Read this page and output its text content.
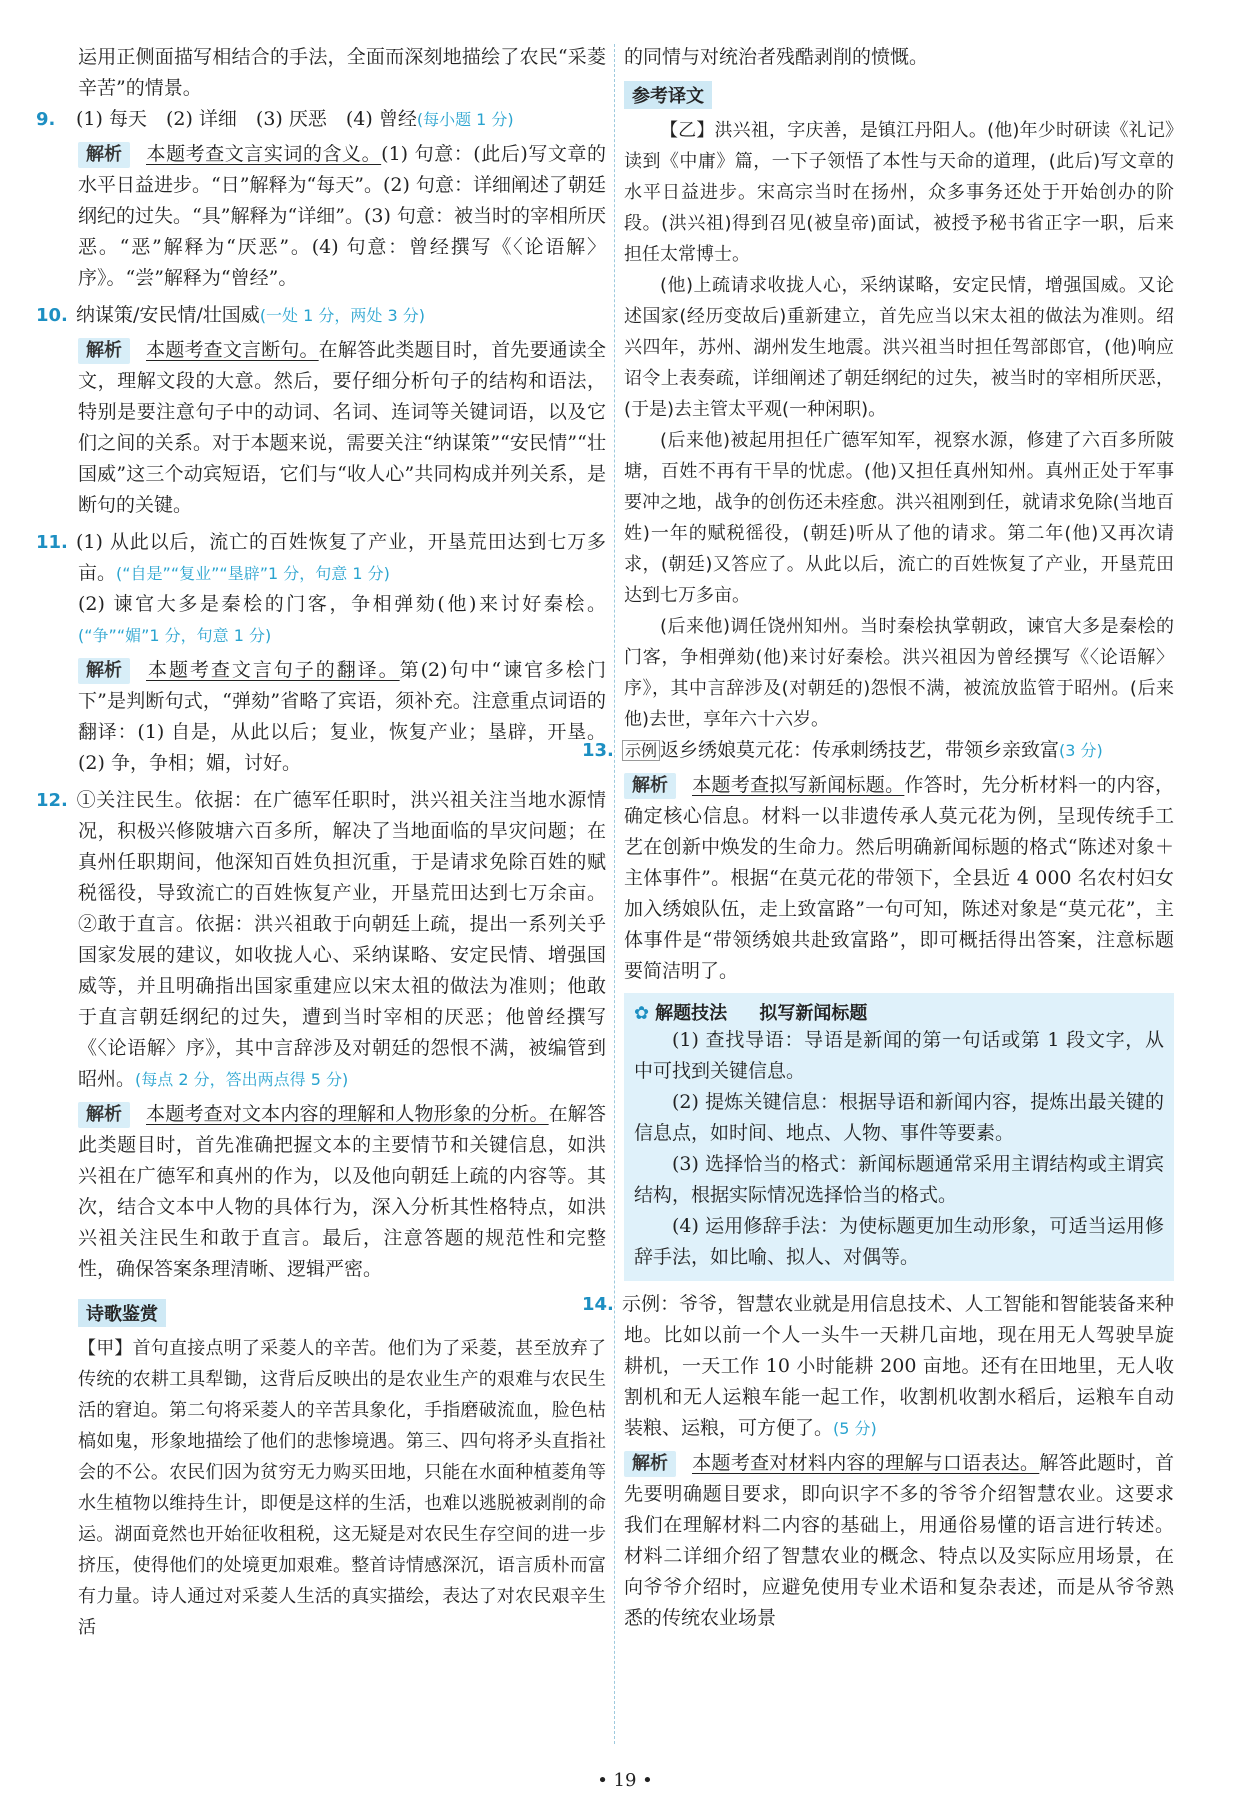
运用正侧面描写相结合的手法，全面而深刻地描绘了农民“采菱辛苦”的情景。

9. (1) 每天　(2) 详细　(3) 厌恶　(4) 曾经(每小题 1 分)
解析 本题考查文言实词的含义。(1) 句意：(此后)写文章的水平日益进步。“日”解释为“每天”。(2) 句意：详细阐述了朝廷纲纪的过失。“具”解释为“详细”。(3) 句意：被当时的宰相所厌恶。“恶”解释为“厌恶”。(4) 句意：曾经撰写《〈论语解〉序》。“尝”解释为“曾经”。
10. 纳谋策/安民情/壮国威(一处 1 分，两处 3 分)
解析 本题考查文言断句。在解答此类题目时，首先要通读全文，理解文段的大意。然后，要仔细分析句子的结构和语法，特别是要注意句子中的动词、名词、连词等关键词语，以及它们之间的关系。对于本题来说，需要关注“纳谋策”“安民情”“壮国威”这三个动宾短语，它们与“收人心”共同构成并列关系，是断句的关键。
11. (1) 从此以后，流亡的百姓恢复了产业，开垦荒田达到七万多亩。(“自是”“复业”“垦辟”1 分，句意 1 分)
(2) 谏官大多是秦桧的门客，争相弹劾(他)来讨好秦桧。(“争”“媚”1 分，句意 1 分)
解析 本题考查文言句子的翻译。第(2)句中“谏官多桧门下”是判断句式，“弹劾”省略了宾语，须补充。注意重点词语的翻译：(1) 自是，从此以后；复业，恢复产业；垦辟，开垦。(2) 争，争相；媚，讨好。
12. ①关注民生。依据：在广德军任职时，洪兴祖关注当地水源情况，积极兴修陂塘六百多所，解决了当地面临的旱灾问题；在真州任职期间，他深知百姓负担沉重，于是请求免除百姓的赋税徭役，导致流亡的百姓恢复产业，开垦荒田达到七万余亩。②敢于直言。依据：洪兴祖敢于向朝廷上疏，提出一系列关乎国家发展的建议，如收拢人心、采纳谋略、安定民情、增强国威等，并且明确指出国家重建应以宋太祖的做法为准则；他敢于直言朝廷纲纪的过失，遭到当时宰相的厌恶；他曾经撰写《〈论语解〉序》，其中言辞涉及对朝廷的怨恨不满，被编管到昭州。(每点 2 分，答出两点得 5 分)
解析 本题考查对文本内容的理解和人物形象的分析。在解答此类题目时，首先准确把握文本的主要情节和关键信息，如洪兴祖在广德军和真州的作为，以及他向朝廷上疏的内容等。其次，结合文本中人物的具体行为，深入分析其性格特点，如洪兴祖关注民生和敢于直言。最后，注意答题的规范性和完整性，确保答案条理清晰、逻辑严密。
诗歌鉴赏

【甲】首句直接点明了采菱人的辛苦。他们为了采菱，甚至放弃了传统的农耕工具犁锄，这背后反映出的是农业生产的艰难与农民生活的窘迫。第二句将采菱人的辛苦具象化，手指磨破流血，脸色枯槁如鬼，形象地描绘了他们的悲惨境遇。第三、四句将矛头直指社会的不公。农民们因为贫穷无力购买田地，只能在水面种植菱角等水生植物以维持生计，即便是这样的生活，也难以逃脱被剥削的命运。湖面竟然也开始征收租税，这无疑是对农民生存空间的进一步挤压，使得他们的处境更加艰难。整首诗情感深沉，语言质朴而富有力量。诗人通过对采菱人生活的真实描绘，表达了对农民艰辛生活

的同情与对统治者残酷剥削的愤慨。

参考译文

【乙】洪兴祖，字庆善，是镇江丹阳人。(他)年少时研读《礼记》读到《中庸》篇，一下子领悟了本性与天命的道理，(此后)写文章的水平日益进步。宋高宗当时在扬州，众多事务还处于开始创办的阶段。(洪兴祖)得到召见(被皇帝)面试，被授予秘书省正字一职，后来担任太常博士。

(他)上疏请求收拢人心，采纳谋略，安定民情，增强国威。又论述国家(经历变故后)重新建立，首先应当以宋太祖的做法为准则。绍兴四年，苏州、湖州发生地震。洪兴祖当时担任驾部郎官，(他)响应诏令上表奏疏，详细阐述了朝廷纲纪的过失，被当时的宰相所厌恶，(于是)去主管太平观(一种闲职)。

(后来他)被起用担任广德军知军，视察水源，修建了六百多所陂塘，百姓不再有干旱的忧虑。(他)又担任真州知州。真州正处于军事要冲之地，战争的创伤还未痊愈。洪兴祖刚到任，就请求免除(当地百姓)一年的赋税徭役，(朝廷)听从了他的请求。第二年(他)又再次请求，(朝廷)又答应了。从此以后，流亡的百姓恢复了产业，开垦荒田达到七万多亩。

(后来他)调任饶州知州。当时秦桧执掌朝政，谏官大多是秦桧的门客，争相弹劾(他)来讨好秦桧。洪兴祖因为曾经撰写《〈论语解〉序》，其中言辞涉及(对朝廷的)怨恨不满，被流放监管于昭州。(后来他)去世，享年六十六岁。

13. 示例 返乡绣娘莫元花：传承刺绣技艺，带领乡亲致富(3 分)
解析 本题考查拟写新闻标题。作答时，先分析材料一的内容，确定核心信息。材料一以非遗传承人莫元花为例，呈现传统手工艺在创新中焕发的生命力。然后明确新闻标题的格式“陈述对象＋主体事件”。根据“在莫元花的带领下，全县近 4 000 名农村妇女加入绣娘队伍，走上致富路”一句可知，陈述对象是“莫元花”，主体事件是“带领绣娘共赴致富路”，即可概括得出答案，注意标题要简洁明了。
✿ 解题技法 拟写新闻标题

(1) 查找导语：导语是新闻的第一句话或第 1 段文字，从中可找到关键信息。

(2) 提炼关键信息：根据导语和新闻内容，提炼出最关键的信息点，如时间、地点、人物、事件等要素。

(3) 选择恰当的格式：新闻标题通常采用主谓结构或主谓宾结构，根据实际情况选择恰当的格式。

(4) 运用修辞手法：为使标题更加生动形象，可适当运用修辞手法，如比喻、拟人、对偶等。

14. 示例：爷爷，智慧农业就是用信息技术、人工智能和智能装备来种地。比如以前一个人一头牛一天耕几亩地，现在用无人驾驶旱旋耕机，一天工作 10 小时能耕 200 亩地。还有在田地里，无人收割机和无人运粮车能一起工作，收割机收割水稻后，运粮车自动装粮、运粮，可方便了。(5 分)
解析 本题考查对材料内容的理解与口语表达。解答此题时，首先要明确题目要求，即向识字不多的爷爷介绍智慧农业。这要求我们在理解材料二内容的基础上，用通俗易懂的语言进行转述。材料二详细介绍了智慧农业的概念、特点以及实际应用场景，在向爷爷介绍时，应避免使用专业术语和复杂表述，而是从爷爷熟悉的传统农业场景
• 19 •
